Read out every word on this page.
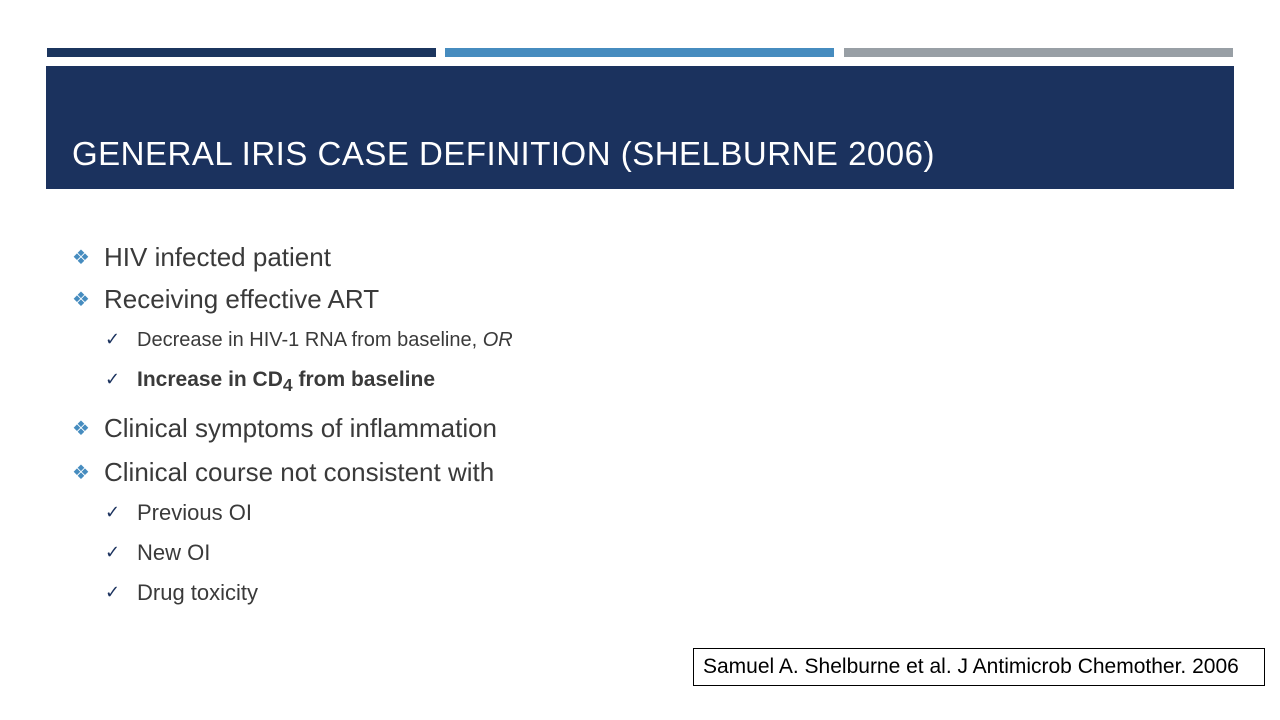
GENERAL IRIS CASE DEFINITION (SHELBURNE 2006)
❖ HIV infected patient
❖ Receiving effective ART
✓ Decrease in HIV-1 RNA from baseline, OR
✓ Increase in $CD_4$ from baseline
❖ Clinical symptoms of inflammation
❖ Clinical course not consistent with
✓ Previous OI
✓ New OI
✓ Drug toxicity
Samuel A. Shelburne et al. J Antimicrob Chemother. 2006
